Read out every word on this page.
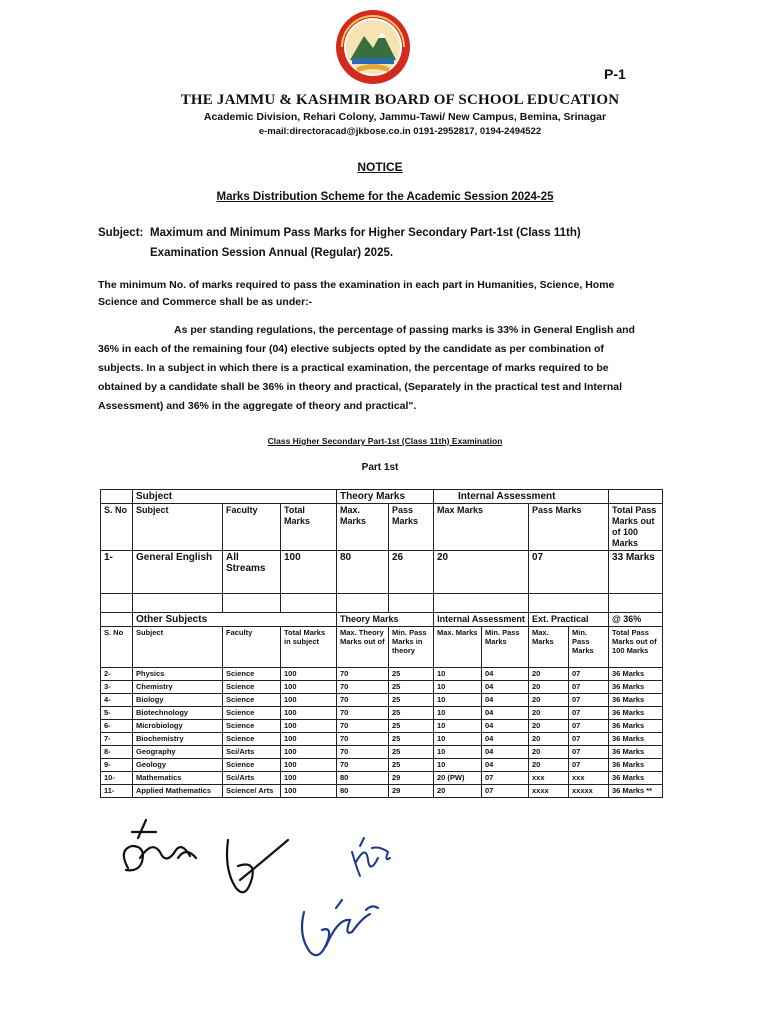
P-1
THE JAMMU & KASHMIR BOARD OF SCHOOL EDUCATION
Academic Division, Rehari Colony, Jammu-Tawi/ New Campus, Bemina, Srinagar
e-mail:directoracad@jkbose.co.in 0191-2952817, 0194-2494522
NOTICE
Marks Distribution Scheme for the Academic Session 2024-25
Subject: Maximum and Minimum Pass Marks for Higher Secondary Part-1st (Class 11th)
Examination Session Annual (Regular) 2025.
The minimum No. of marks required to pass the examination in each part in Humanities, Science, Home Science and Commerce shall be as under:-
As per standing regulations, the percentage of passing marks is 33% in General English and 36% in each of the remaining four (04) elective subjects opted by the candidate as per combination of subjects. In a subject in which there is a practical examination, the percentage of marks required to be obtained by a candidate shall be 36% in theory and practical, (Separately in the practical test and Internal Assessment) and 36% in the aggregate of theory and practical".
Class Higher Secondary Part-1st (Class 11th) Examination
Part 1st
	Subject			Theory Marks		Internal Assessment				
S. No	Subject	Faculty	Total Marks	Max. Marks	Pass Marks	Max Marks		Pass Marks		Total Pass Marks out of 100 Marks
1-	General English	All Streams	100	80	26	20		07		33 Marks

	Other Subjects			Theory Marks		Internal Assessment		Ext. Practical		@ 36%
S. No	Subject	Faculty	Total Marks in subject	Max. Theory Marks out of	Min. Pass Marks in theory	Max. Marks	Min. Pass Marks	Max. Marks	Min. Pass Marks	Total Pass Marks out of 100 Marks
2-	Physics	Science	100	70	25	10	04	20	07	36 Marks
3-	Chemistry	Science	100	70	25	10	04	20	07	36 Marks
4-	Biology	Science	100	70	25	10	04	20	07	36 Marks
5-	Biotechnology	Science	100	70	25	10	04	20	07	36 Marks
6-	Microbiology	Science	100	70	25	10	04	20	07	36 Marks
7-	Biochemistry	Science	100	70	25	10	04	20	07	36 Marks
8-	Geography	Sci/Arts	100	70	25	10	04	20	07	36 Marks
9-	Geology	Science	100	70	25	10	04	20	07	36 Marks
10-	Mathematics	Sci/Arts	100	80	29	20 (PW)	07	xxx	xxx	36 Marks
11-	Applied Mathematics	Science/ Arts	100	80	29	20	07	xxxx	xxxxx	36 Marks **
